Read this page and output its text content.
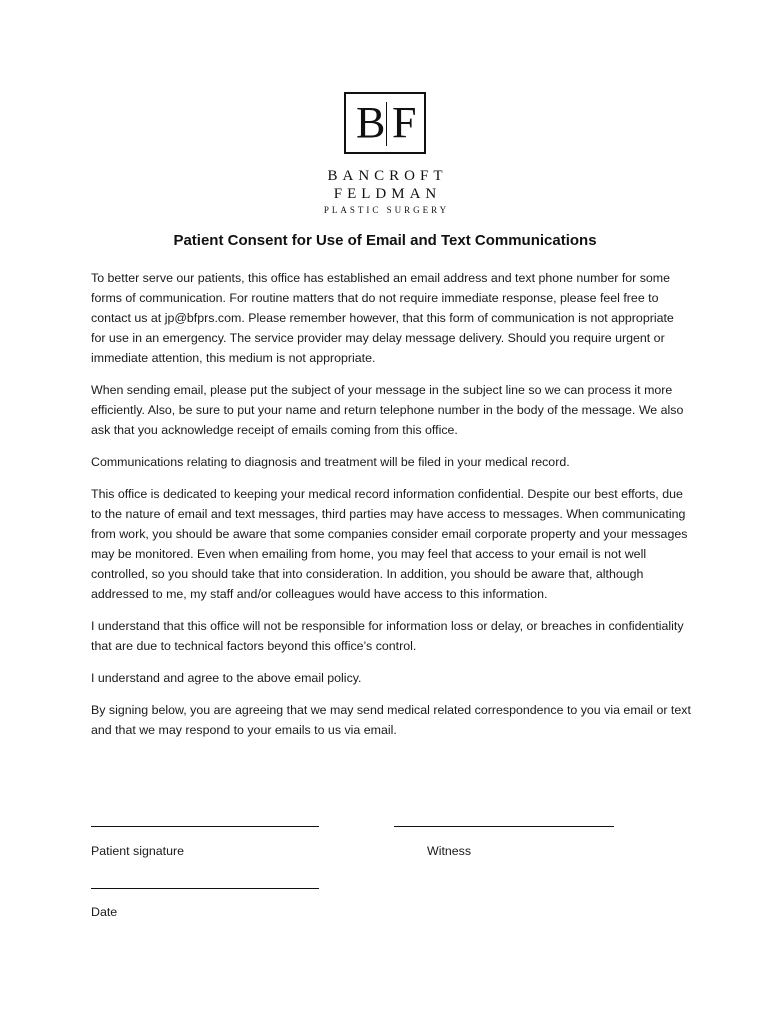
B F
BANCROFT
FELDMAN
PLASTIC SURGERY
Patient Consent for Use of Email and Text Communications

To better serve our patients, this office has established an email address and text phone number for some forms of communication. For routine matters that do not require immediate response, please feel free to contact us at jp@bfprs.com. Please remember however, that this form of communication is not appropriate for use in an emergency. The service provider may delay message delivery. Should you require urgent or immediate attention, this medium is not appropriate.

When sending email, please put the subject of your message in the subject line so we can process it more efficiently. Also, be sure to put your name and return telephone number in the body of the message. We also ask that you acknowledge receipt of emails coming from this office.

Communications relating to diagnosis and treatment will be filed in your medical record.

This office is dedicated to keeping your medical record information confidential. Despite our best efforts, due to the nature of email and text messages, third parties may have access to messages. When communicating from work, you should be aware that some companies consider email corporate property and your messages may be monitored. Even when emailing from home, you may feel that access to your email is not well controlled, so you should take that into consideration. In addition, you should be aware that, although addressed to me, my staff and/or colleagues would have access to this information.

I understand that this office will not be responsible for information loss or delay, or breaches in confidentiality that are due to technical factors beyond this office’s control.

I understand and agree to the above email policy.

By signing below, you are agreeing that we may send medical related correspondence to you via email or text and that we may respond to your emails to us via email.

Patient signature	Witness
Date
